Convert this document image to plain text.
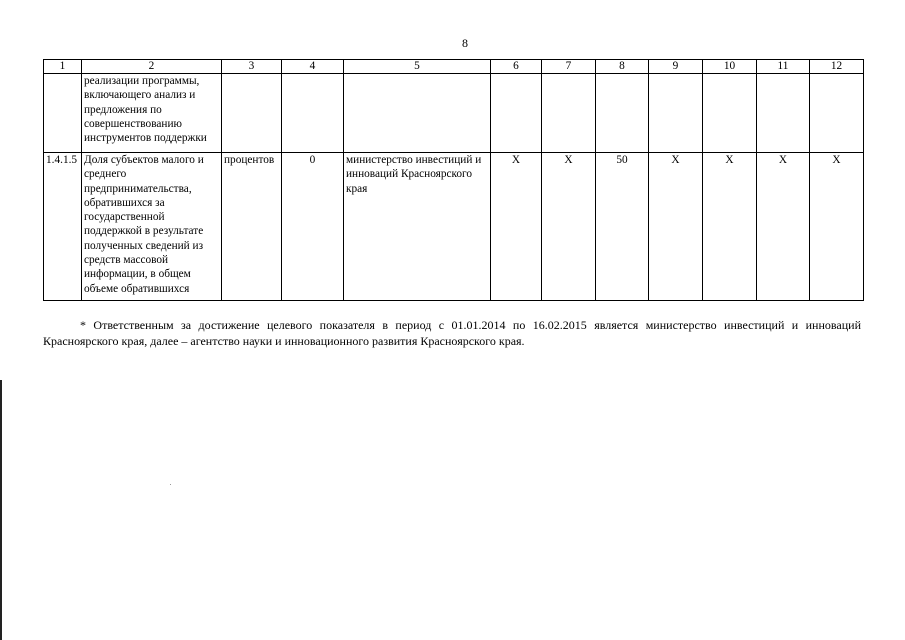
8
1	2	3	4	5	6	7	8	9	10	11	12
	реализации программы, включающего анализ и предложения по совершенствованию инструментов поддержки										
1.4.1.5	Доля субъектов малого и среднего предпринимательства, обратившихся за государственной поддержкой в результате полученных сведений из средств массовой информации, в общем объеме обратившихся	процентов	0	министерство инвестиций и инноваций Красноярского края	X	X	50	X	X	X	X
* Ответственным за достижение целевого показателя в период с 01.01.2014 по 16.02.2015 является министерство инвестиций и инноваций Красноярского края, далее – агентство науки и инновационного развития Красноярского края.
